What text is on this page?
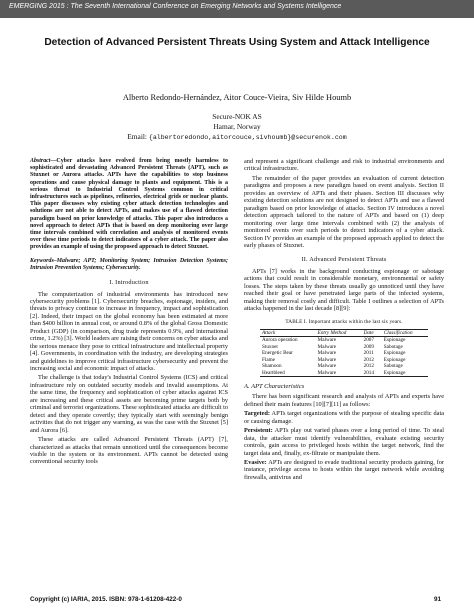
EMERGING 2015 : The Seventh International Conference on Emerging Networks and Systems Intelligence
Detection of Advanced Persistent Threats Using System and Attack Intelligence
Alberto Redondo-Hernández, Aitor Couce-Vieira, Siv Hilde Houmb
Secure-NOK AS
Hamar, Norway
Email: {albertoredondo,aitorcouce,sivhoumb}@securenok.com

Abstract—Cyber attacks have evolved from being mostly harmless to sophisticated and devastating Advanced Persistent Threats (APT), such as Stuxnet or Aurora attacks. APTs have the capabilities to stop business operations and cause physical damage to plants and equipment. This is a serious threat to Industrial Control Systems common in critical infrastructures such as pipelines, refineries, electrical grids or nuclear plants. This paper discusses why existing cyber attack detection technologies and solutions are not able to detect APTs, and makes use of a flawed detection paradigm based on prior knowledge of attacks. This paper also introduces a novel approach to detect APTs that is based on deep monitoring over large time intervals combined with correlation and analysis of monitored events over these time periods to detect indicators of a cyber attack. The paper also provides an example of using the proposed approach to detect Stuxnet.

Keywords–Malware; APT; Monitoring System; Intrusion Detection Systems; Intrusion Prevention Systems; Cybersecurity.

I. Introduction

The computerization of industrial environments has introduced new cybersecurity problems [1]. Cybersecurity breaches, espionage, insiders, and threats to privacy continue to increase in frequency, impact and sophistication [2]. Indeed, their impact on the global economy has been estimated at more than $400 billion in annual cost, or around 0.8% of the global Gross Domestic Product (GDP) (in comparison, drug trade represents 0.9%, and international crime, 1.2%) [3]. World leaders are raising their concerns on cyber attacks and the serious menace they pose to critical infrastructure and intellectual property [4]. Governments, in coordination with the industry, are developing strategies and guidelines to improve critical infrastructure cybersecurity and prevent the increasing social and economic impact of attacks.

The challenge is that today's Industrial Control Systems (ICS) and critical infrastructure rely on outdated security models and invalid assumptions. At the same time, the frequency and sophistication of cyber attacks against ICS are increasing and these critical assets are becoming prime targets both by criminal and terrorist organizations. These sophisticated attacks are difficult to detect and they operate covertly; they typically start with seemingly benign activities that do not trigger any warning, as was the case with the Stuxnet [5] and Aurora [6].

These attacks are called Advanced Persistent Threats (APT) [7], characterized as attacks that remain unnoticed until the consequences become visible in the system or its environment. APTs cannot be detected using conventional security tools

and represent a significant challenge and risk to industrial environments and critical infrastructure.

The remainder of the paper provides an evaluation of current detection paradigms and proposes a new paradigm based on event analysis. Section II provides an overview of APTs and their phases. Section III discusses why existing detection solutions are not designed to detect APTs and use a flawed paradigm based on prior knowledge of attacks. Section IV introduces a novel detection approach tailored to the nature of APTs and based on (1) deep monitoring over large time intervals combined with (2) the analysis of monitored events over such periods to detect indicators of a cyber attack. Section IV provides an example of the proposed approach applied to detect the early phases of Stuxnet.

II. Advanced Persistent Threats

APTs [7] works in the background conducting espionage or sabotage actions that could result in considerable monetary, environmental or safety losses. The steps taken by these threats usually go unnoticed until they have reached their goal or have penetrated large parts of the infected systems, making their removal costly and difficult. Table I outlines a selection of APTs attacks happened in the last decade [8][9]:

TABLE I. Important attacks within the last six years.
Attack	Entry Method	Date	Classification
Aurora operation	Malware	2007	Espionage
Stuxnet	Malware	2009	Sabotage
Energetic Bear	Malware	2011	Espionage
Flame	Malware	2012	Espionage
Shamoon	Malware	2012	Sabotage
Heartbleed	Malware	2014	Espionage
A. APT Characteristics

There has been significant research and analysis of APTs and experts have defined their main features [10][7][11] as follows:

Targeted: APTs target organizations with the purpose of stealing specific data or causing damage.

Persistent: APTs play out varied phases over a long period of time. To steal data, the attacker must identify vulnerabilities, evaluate existing security controls, gain access to privileged hosts within the target network, find the target data and, finally, ex-filtrate or manipulate them.

Evasive: APTs are designed to evade traditional security products gaining, for instance, privilege access to hosts within the target network while avoiding firewalls, antivirus and

Copyright (c) IARIA, 2015. ISBN: 978-1-61208-422-0	91
